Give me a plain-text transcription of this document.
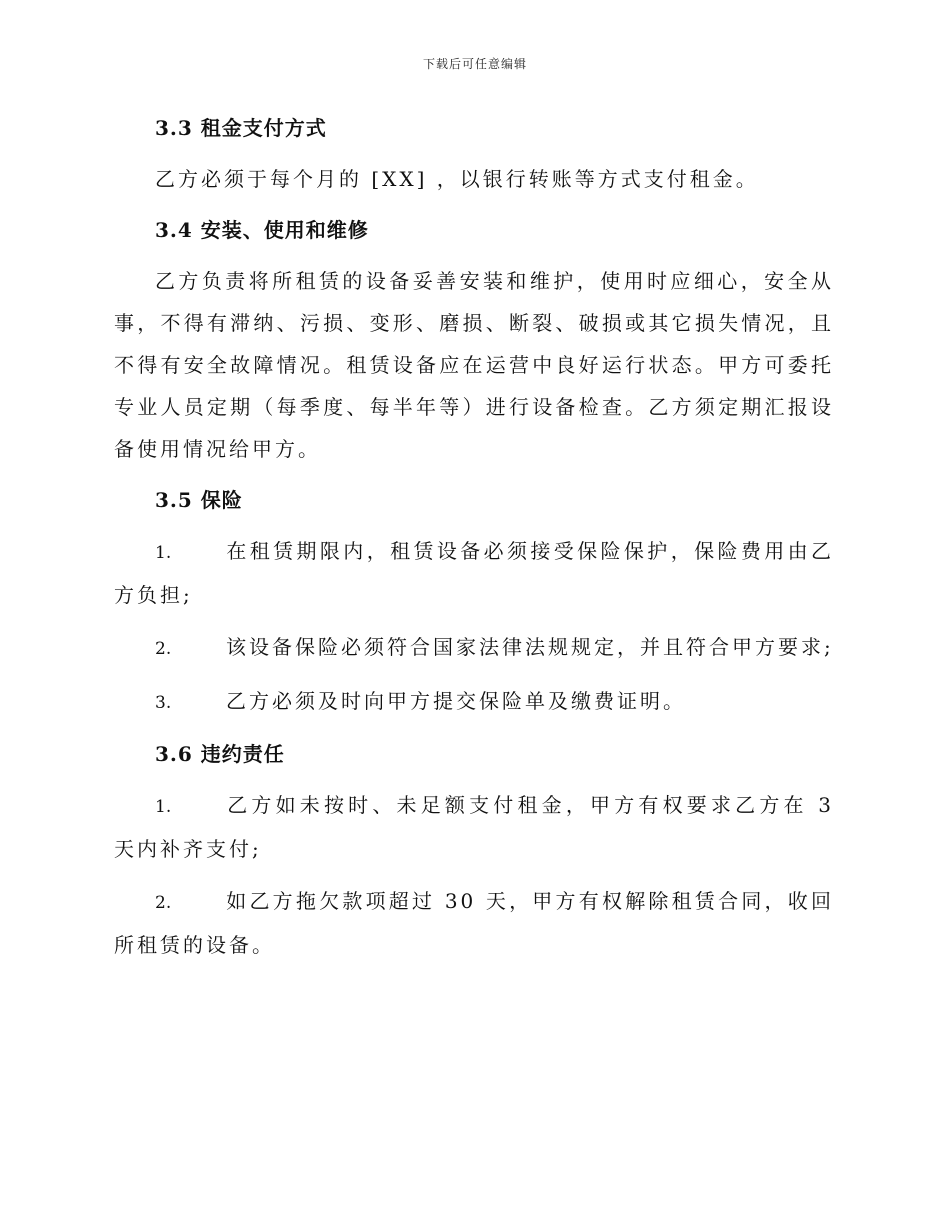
下载后可任意编辑
3.3 租金支付方式

乙方必须于每个月的 [XX] ，以银行转账等方式支付租金。

3.4 安装、使用和维修

乙方负责将所租赁的设备妥善安装和维护，使用时应细心，安全从事，不得有滞纳、污损、变形、磨损、断裂、破损或其它损失情况，且不得有安全故障情况。租赁设备应在运营中良好运行状态。甲方可委托专业人员定期（每季度、每半年等）进行设备检查。乙方须定期汇报设备使用情况给甲方。

3.5 保险

1.	在租赁期限内，租赁设备必须接受保险保护，保险费用由乙方负担;

2.	该设备保险必须符合国家法律法规规定，并且符合甲方要求;

3.	乙方必须及时向甲方提交保险单及缴费证明。

3.6 违约责任

1.	乙方如未按时、未足额支付租金，甲方有权要求乙方在 3 天内补齐支付;

2.	如乙方拖欠款项超过 30 天，甲方有权解除租赁合同，收回所租赁的设备。
